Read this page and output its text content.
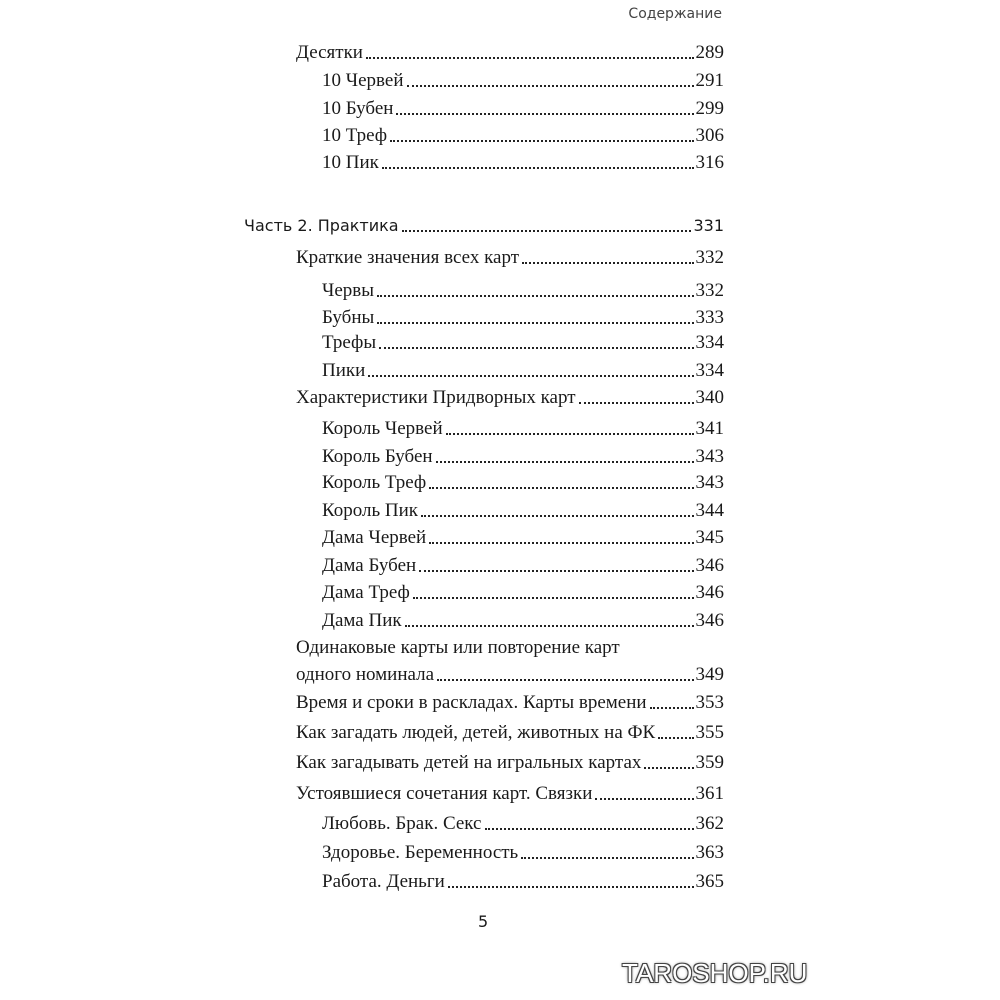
Содержание
Десятки	289
10 Червей	291
10 Бубен	299
10 Треф	306
10 Пик	316
Часть 2. Практика	331
Краткие значения всех карт	332
Червы	332
Бубны	333
Трефы	334
Пики	334
Характеристики Придворных карт	340
Король Червей	341
Король Бубен	343
Король Треф	343
Король Пик	344
Дама Червей	345
Дама Бубен	346
Дама Треф	346
Дама Пик	346
Одинаковые карты или повторение карт
одного номинала	349
Время и сроки в раскладах. Карты времени	353
Как загадать людей, детей, животных на ФК 355
Как загадывать детей на игральных картах	359
Устоявшиеся сочетания карт. Связки	361
Любовь. Брак. Секс	362
Здоровье. Беременность	363
Работа. Деньги	365
5
TAROSHOP.RU
